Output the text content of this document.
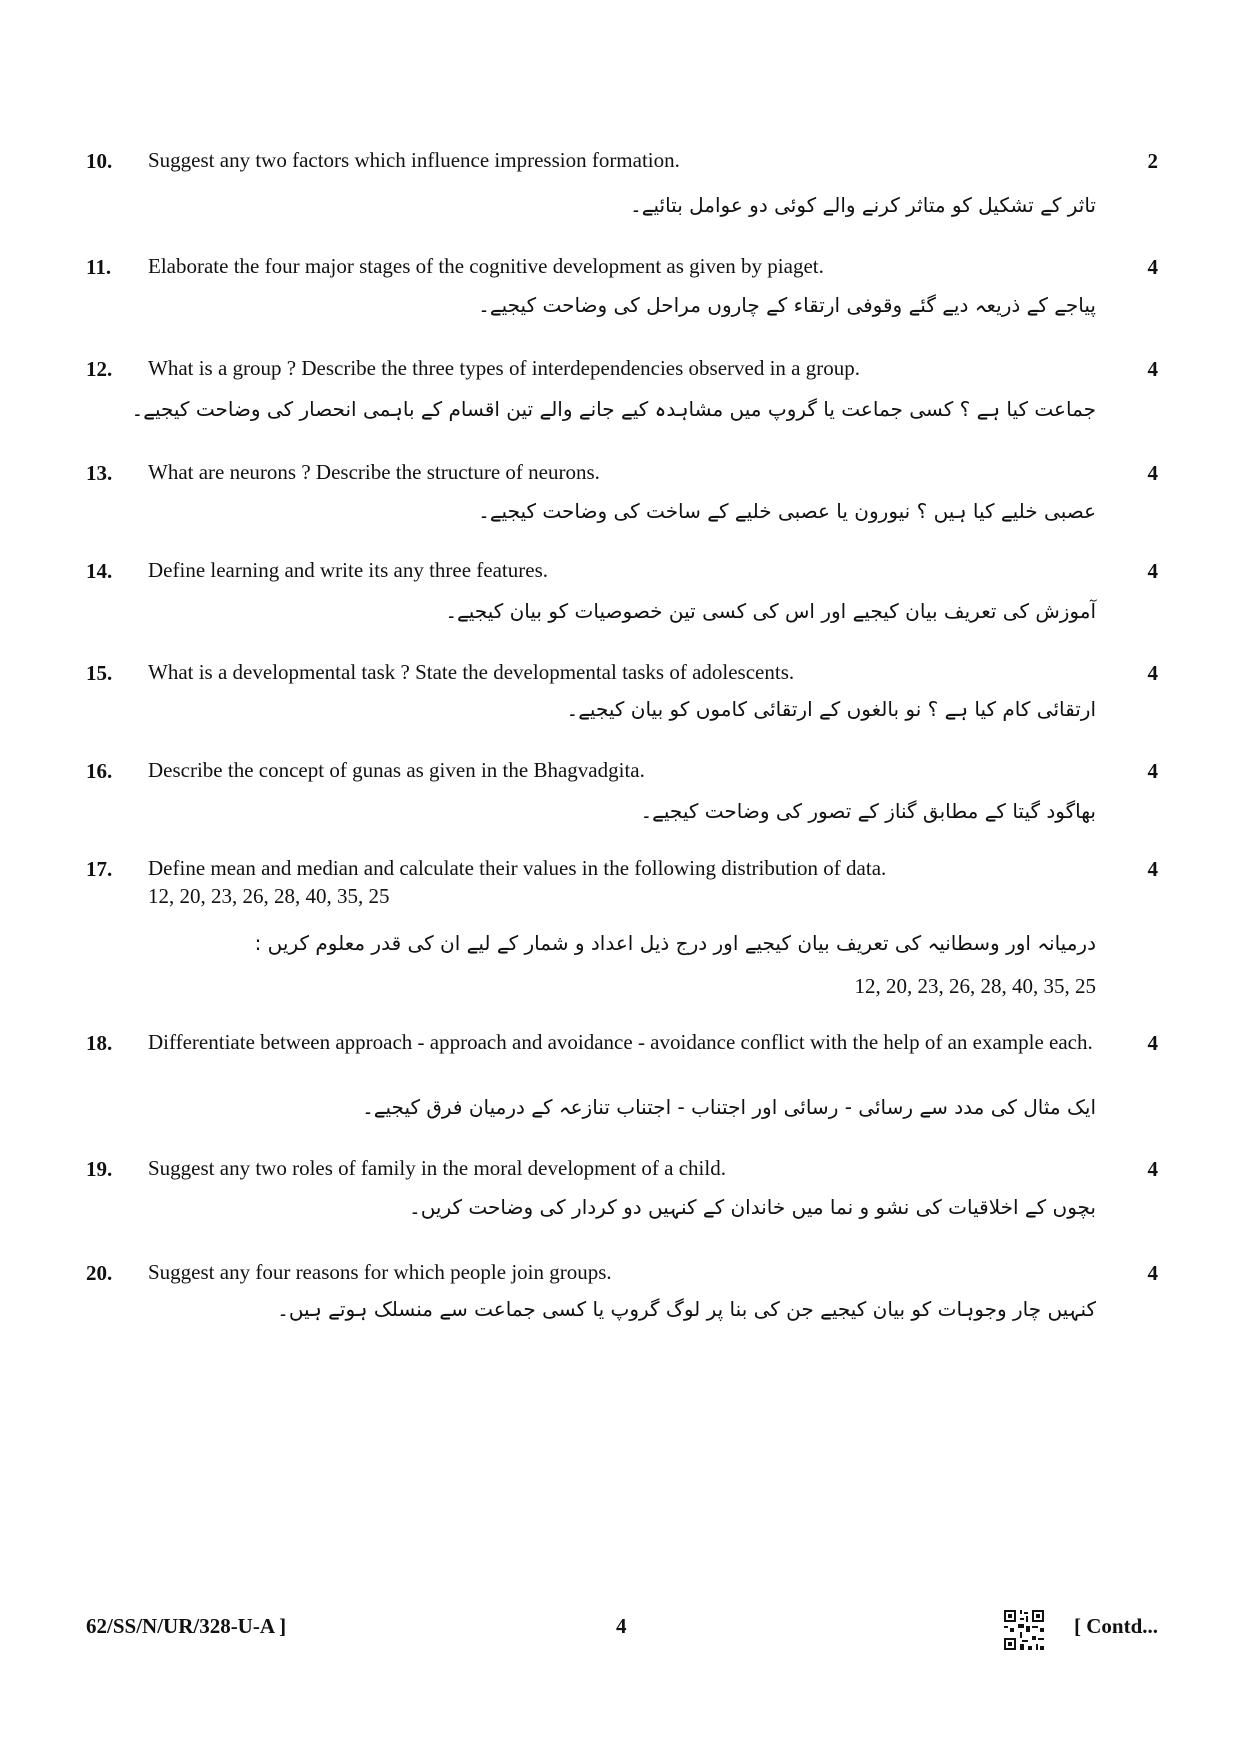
10. Suggest any two factors which influence impression formation.	2
تاثر کے تشکیل کو متاثر کرنے والے کوئی دو عوامل بتائیے۔
11. Elaborate the four major stages of the cognitive development as given by piaget.	4
پیاجے کے ذریعہ دیے گئے وقوفی ارتقاء کے چاروں مراحل کی وضاحت کیجیے۔
12. What is a group ? Describe the three types of interdependencies observed in a group.	4
جماعت کیا ہے ؟ کسی جماعت یا گروپ میں مشاہدہ کیے جانے والے تین اقسام کے باہمی انحصار کی وضاحت کیجیے۔
13. What are neurons ? Describe the structure of neurons.	4
عصبی خلیے کیا ہیں ؟ نیورون یا عصبی خلیے کے ساخت کی وضاحت کیجیے۔
14. Define learning and write its any three features.	4
آموزش کی تعریف بیان کیجیے اور اس کی کسی تین خصوصیات کو بیان کیجیے۔
15. What is a developmental task ? State the developmental tasks of adolescents.	4
ارتقائی کام کیا ہے ؟ نو بالغوں کے ارتقائی کاموں کو بیان کیجیے۔
16. Describe the concept of gunas as given in the Bhagvadgita.	4
بھاگود گیتا کے مطابق گناز کے تصور کی وضاحت کیجیے۔
17. Define mean and median and calculate their values in the following distribution of data.	4
12, 20, 23, 26, 28, 40, 35, 25
درمیانہ اور وسطانیہ کی تعریف بیان کیجیے اور درج ذیل اعداد و شمار کے لیے ان کی قدر معلوم کریں :
12, 20, 23, 26, 28, 40, 35, 25
18. Differentiate between approach - approach and avoidance - avoidance conflict with the help of an example each.	4
ایک مثال کی مدد سے رسائی - رسائی اور اجتناب - اجتناب تنازعہ کے درمیان فرق کیجیے۔
19. Suggest any two roles of family in the moral development of a child.	4
بچوں کے اخلاقیات کی نشو و نما میں خاندان کے کنہیں دو کردار کی وضاحت کریں۔
20. Suggest any four reasons for which people join groups.	4
کنہیں چار وجوہات کو بیان کیجیے جن کی بنا پر لوگ گروپ یا کسی جماعت سے منسلک ہوتے ہیں۔
62/SS/N/UR/328-U-A ]	4	[ Contd...
